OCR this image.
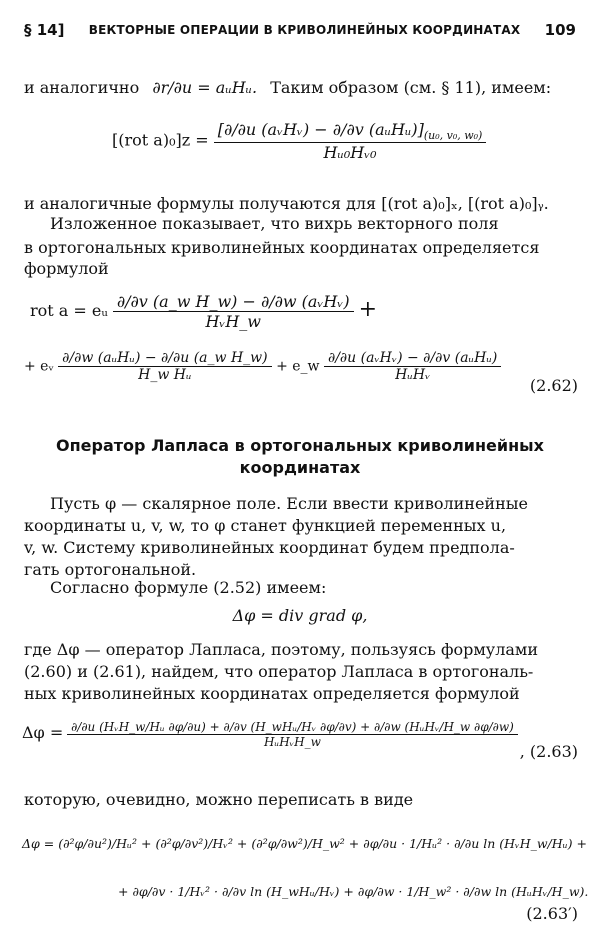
§ 14] ВЕКТОРНЫЕ ОПЕРАЦИИ В КРИВОЛИНЕЙНЫХ КООРДИНАТАХ 109
и аналогично ∂r/∂u = aᵤHᵤ. Таким образом (см. § 11), имеем:
[(rot $a)_0]z = \frac{[\partial/\partial u (aᵥHᵥ) - \partial/\partial v (aᵤHᵤ)]_{(u_0, v_0, w_0)}}{\text{Hᵤ₀Hᵥ₀}}$
и аналогичные формулы получаются для [(rot a)₀]ₓ, [(rot a)₀]ᵧ.
Изложенное показывает, что вихрь векторного поля
в ортогональных криволинейных координатах определяется
формулой
rot a = eᵤ $\frac{\text{∂/∂v (a\_w H\_w) − ∂/∂w (aᵥHᵥ)}}{\text{HᵥH\_w}}$ +
+ eᵥ $\frac{\text{∂/∂w (aᵤHᵤ) − ∂/∂u (a\_w H\_w)}}{\text{H\_w Hᵤ}}$ + e_w $\frac{\text{∂/∂u (aᵥHᵥ) − ∂/∂v (aᵤHᵤ)}}{\text{HᵤHᵥ}}$
(2.62)
Оператор Лапласа в ортогональных криволинейных
координатах
Пусть φ — скалярное поле. Если ввести криволинейные
координаты u, v, w, то φ станет функцией переменных u,
v, w. Систему криволинейных координат будем предпола-
гать ортогональной.
Согласно формуле (2.52) имеем:
Δφ = div grad φ,
где Δφ — оператор Лапласа, поэтому, пользуясь формулами
(2.60) и (2.61), найдем, что оператор Лапласа в ортогональ-
ных криволинейных координатах определяется формулой
Δφ = ∂/∂u (HᵥH_w/Hᵤ ∂φ/∂u) + ∂/∂v (H_wHᵤ/Hᵥ ∂φ/∂v) + ∂/∂w (HᵤHᵥ/H_w ∂φ/∂w)
HᵤHᵥH_w	, (2.63)
которую, очевидно, можно переписать в виде
Δφ = (∂²φ/∂u²)/Hᵤ² + (∂²φ/∂v²)/Hᵥ² + (∂²φ/∂w²)/H_w² + ∂φ/∂u · 1/Hᵤ² · ∂/∂u ln (HᵥH_w/Hᵤ) +
+ ∂φ/∂v · 1/Hᵥ² · ∂/∂v ln (H_wHᵤ/Hᵥ) + ∂φ/∂w · 1/H_w² · ∂/∂w ln (HᵤHᵥ/H_w).
(2.63′)
